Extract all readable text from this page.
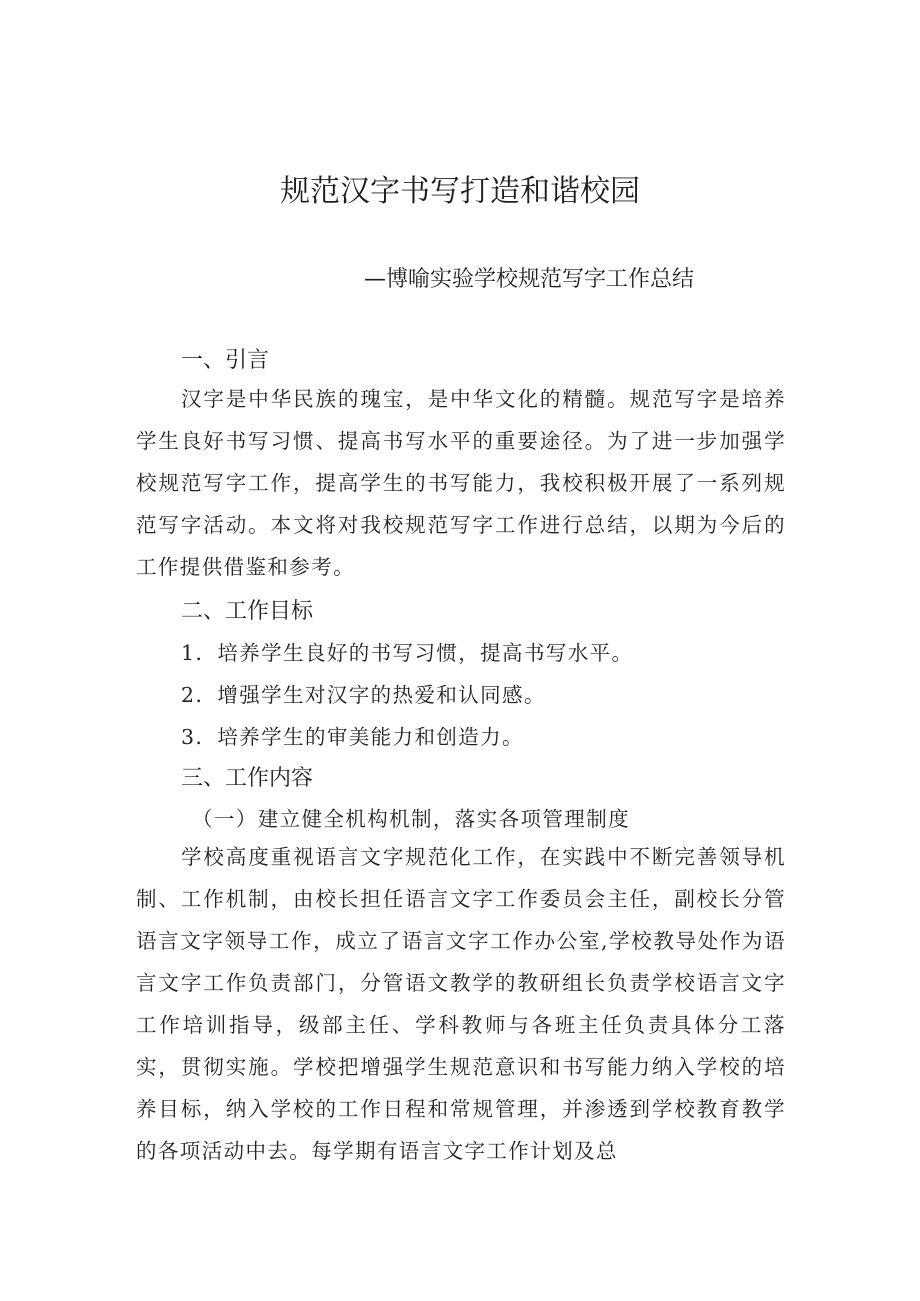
规范汉字书写打造和谐校园
—博喻实验学校规范写字工作总结
一、引言

汉字是中华民族的瑰宝，是中华文化的精髓。规范写字是培养学生良好书写习惯、提高书写水平的重要途径。为了进一步加强学校规范写字工作，提高学生的书写能力，我校积极开展了一系列规范写字活动。本文将对我校规范写字工作进行总结，以期为今后的工作提供借鉴和参考。

二、工作目标

1．培养学生良好的书写习惯，提高书写水平。

2．增强学生对汉字的热爱和认同感。

3．培养学生的审美能力和创造力。

三、工作内容

（一）建立健全机构机制，落实各项管理制度

学校高度重视语言文字规范化工作，在实践中不断完善领导机制、工作机制，由校长担任语言文字工作委员会主任，副校长分管语言文字领导工作，成立了语言文字工作办公室,学校教导处作为语言文字工作负责部门，分管语文教学的教研组长负责学校语言文字工作培训指导，级部主任、学科教师与各班主任负责具体分工落实，贯彻实施。学校把增强学生规范意识和书写能力纳入学校的培养目标，纳入学校的工作日程和常规管理，并渗透到学校教育教学的各项活动中去。每学期有语言文字工作计划及总
